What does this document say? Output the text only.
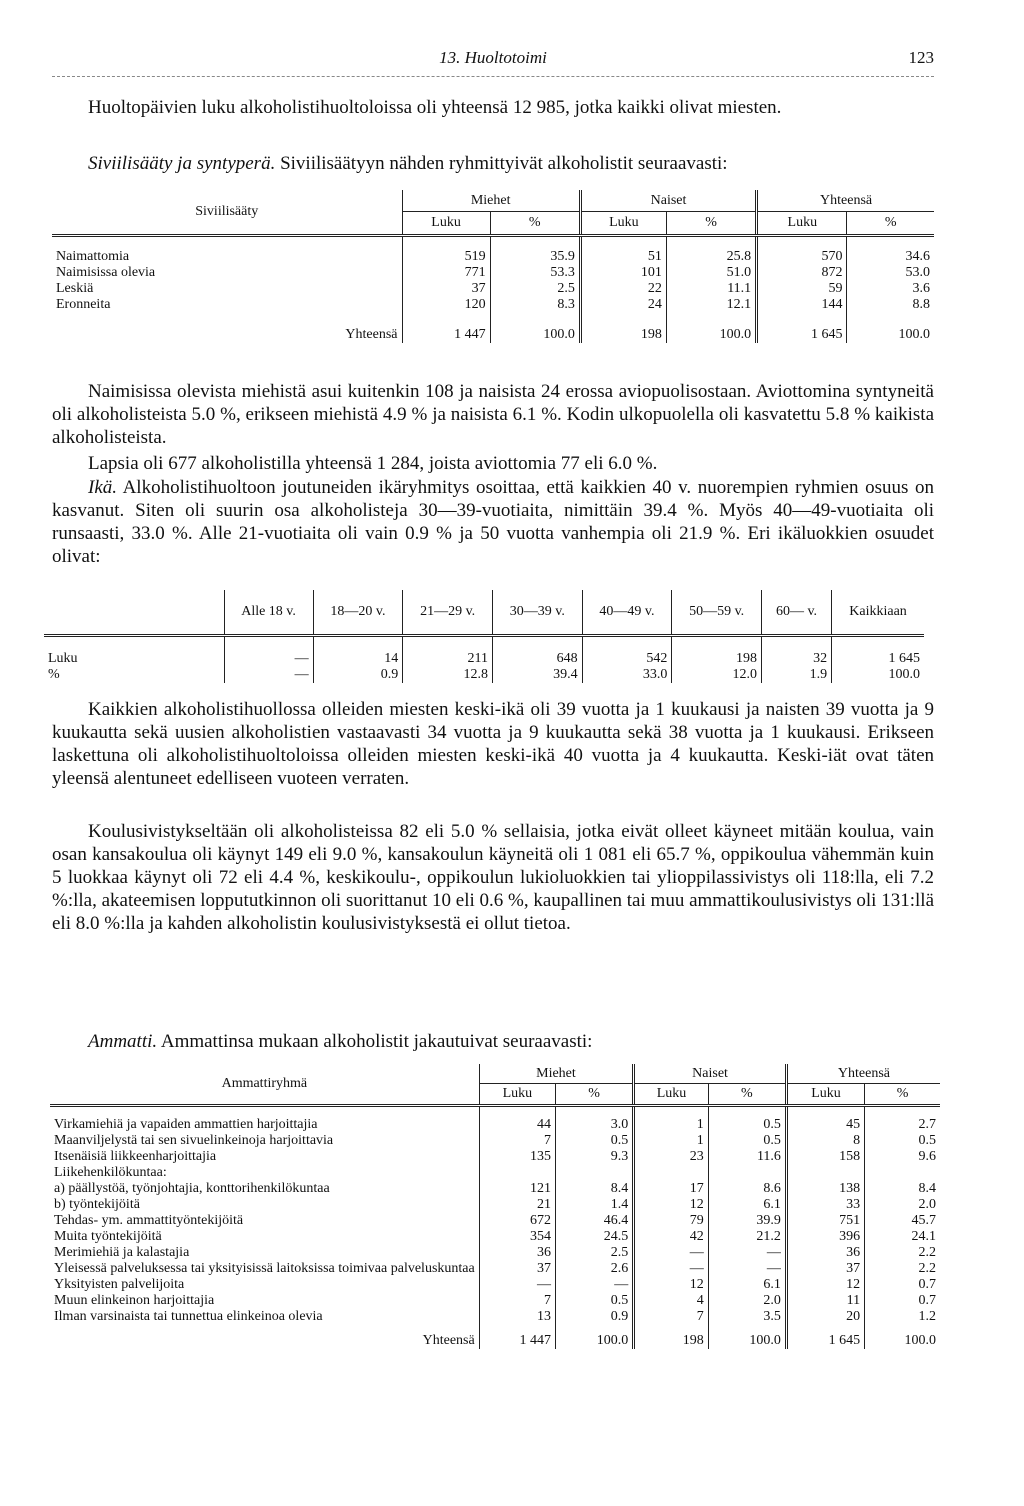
13. Huoltotoimi	123

Huoltopäivien luku alkoholistihuoltoloissa oli yhteensä 12 985, jotka kaikki olivat miesten.

Siviilisääty ja syntyperä. Siviilisäätyyn nähden ryhmittyivät alkoholistit seuraavasti:

Siviilisääty	Miehet		Naiset		Yhteensä	
	Luku	%	Luku	%	Luku	%

Naimattomia	519	35.9	51	25.8	570	34.6
Naimisissa olevia	771	53.3	101	51.0	872	53.0
Leskiä	37	2.5	22	11.1	59	3.6
Eronneita	120	8.3	24	12.1	144	8.8

Yhteensä	1 447	100.0	198	100.0	1 645	100.0

Naimisissa olevista miehistä asui kuitenkin 108 ja naisista 24 erossa aviopuolisostaan. Aviottomina syntyneitä oli alkoholisteista 5.0 %, erikseen miehistä 4.9 % ja naisista 6.1 %. Kodin ulkopuolella oli kasvatettu 5.8 % kaikista alkoholisteista.

Lapsia oli 677 alkoholistilla yhteensä 1 284, joista aviottomia 77 eli 6.0 %.

Ikä. Alkoholistihuoltoon joutuneiden ikäryhmitys osoittaa, että kaikkien 40 v. nuorempien ryhmien osuus on kasvanut. Siten oli suurin osa alkoholisteja 30—39-vuotiaita, nimittäin 39.4 %. Myös 40—49-vuotiaita oli runsaasti, 33.0 %. Alle 21-vuotiaita oli vain 0.9 % ja 50 vuotta vanhempia oli 21.9 %. Eri ikäluokkien osuudet olivat:

	Alle 18 v.	18—20 v.	21—29 v.	30—39 v.	40—49 v.	50—59 v.	60— v.	Kaikkiaan

Luku	—	14	211	648	542	198	32	1 645
%	—	0.9	12.8	39.4	33.0	12.0	1.9	100.0

Kaikkien alkoholistihuollossa olleiden miesten keski-ikä oli 39 vuotta ja 1 kuukausi ja naisten 39 vuotta ja 9 kuukautta sekä uusien alkoholistien vastaavasti 34 vuotta ja 9 kuukautta sekä 38 vuotta ja 1 kuukausi. Erikseen laskettuna oli alkoholistihuoltoloissa olleiden miesten keski-ikä 40 vuotta ja 4 kuukautta. Keski-iät ovat täten yleensä alentuneet edelliseen vuoteen verraten.

Koulusivistykseltään oli alkoholisteissa 82 eli 5.0 % sellaisia, jotka eivät olleet käyneet mitään koulua, vain osan kansakoulua oli käynyt 149 eli 9.0 %, kansakoulun käyneitä oli 1 081 eli 65.7 %, oppikoulua vähemmän kuin 5 luokkaa käynyt oli 72 eli 4.4 %, keskikoulu-, oppikoulun lukioluokkien tai ylioppilassivistys oli 118:lla, eli 7.2 %:lla, akateemisen loppututkinnon oli suorittanut 10 eli 0.6 %, kaupallinen tai muu ammattikoulusivistys oli 131:llä eli 8.0 %:lla ja kahden alkoholistin koulusivistyksestä ei ollut tietoa.

Ammatti. Ammattinsa mukaan alkoholistit jakautuivat seuraavasti:

Ammattiryhmä	Miehet		Naiset		Yhteensä	
	Luku	%	Luku	%	Luku	%

Virkamiehiä ja vapaiden ammattien harjoittajia	44	3.0	1	0.5	45	2.7
Maanviljelystä tai sen sivuelinkeinoja harjoittavia	7	0.5	1	0.5	8	0.5
Itsenäisiä liikkeenharjoittajia	135	9.3	23	11.6	158	9.6
Liikehenkilökuntaa:						
a) päällystöä, työnjohtajia, konttorihenkilökuntaa	121	8.4	17	8.6	138	8.4
b) työntekijöitä	21	1.4	12	6.1	33	2.0
Tehdas- ym. ammattityöntekijöitä	672	46.4	79	39.9	751	45.7
Muita työntekijöitä	354	24.5	42	21.2	396	24.1
Merimiehiä ja kalastajia	36	2.5	—	—	36	2.2
Yleisessä palveluksessa tai yksityisissä laitoksissa toimivaa palveluskuntaa	37	2.6	—	—	37	2.2
Yksityisten palvelijoita	—	—	12	6.1	12	0.7
Muun elinkeinon harjoittajia	7	0.5	4	2.0	11	0.7
Ilman varsinaista tai tunnettua elinkeinoa olevia	13	0.9	7	3.5	20	1.2

Yhteensä	1 447	100.0	198	100.0	1 645	100.0
